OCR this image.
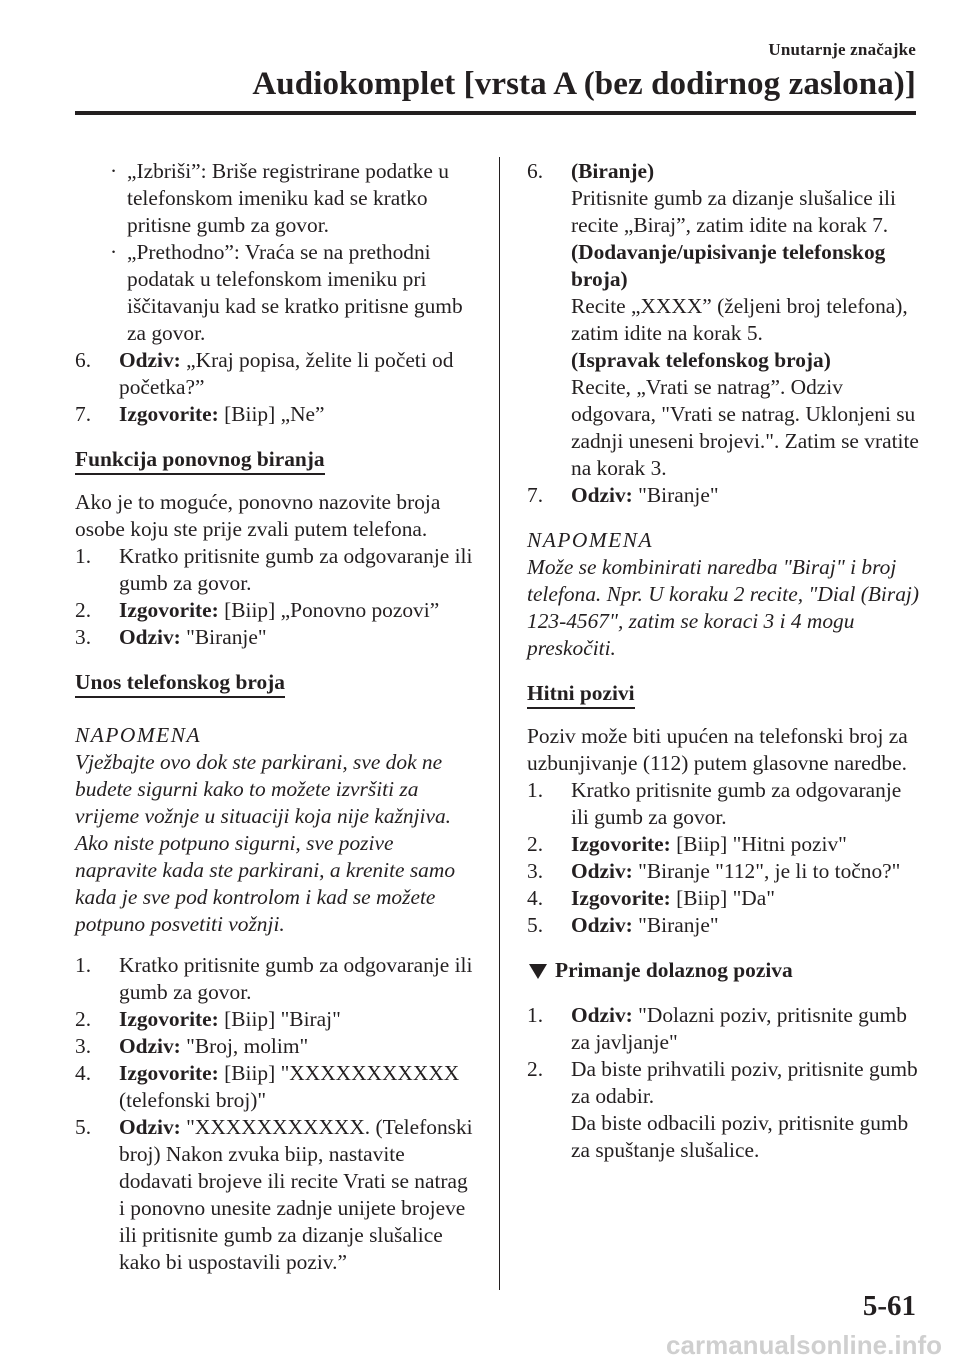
Unutarnje značajke
Audiokomplet [vrsta A (bez dodirnog zaslona)]

· „Izbriši”: Briše registrirane podatke u telefonskom imeniku kad se kratko pritisne gumb za govor.

· „Prethodno”: Vraća se na prethodni podatak u telefonskom imeniku pri iščitavanju kad se kratko pritisne gumb za govor.

6. Odziv: „Kraj popisa, želite li početi od početka?”

7. Izgovorite: [Biip] „Ne”

Funkcija ponovnog biranja

Ako je to moguće, ponovno nazovite broja osobe koju ste prije zvali putem telefona.

1. Kratko pritisnite gumb za odgovaranje ili gumb za govor.

2. Izgovorite: [Biip] „Ponovno pozovi”

3. Odziv: "Biranje"

Unos telefonskog broja

NAPOMENA

Vježbajte ovo dok ste parkirani, sve dok ne budete sigurni kako to možete izvršiti za vrijeme vožnje u situaciji koja nije kažnjiva. Ako niste potpuno sigurni, sve pozive napravite kada ste parkirani, a krenite samo kada je sve pod kontrolom i kad se možete potpuno posvetiti vožnji.

1. Kratko pritisnite gumb za odgovaranje ili gumb za govor.

2. Izgovorite: [Biip] "Biraj"

3. Odziv: "Broj, molim"

4. Izgovorite: [Biip] "XXXXXXXXXXX (telefonski broj)"

5. Odziv: "XXXXXXXXXXX. (Telefonski broj) Nakon zvuka biip, nastavite dodavati brojeve ili recite Vrati se natrag i ponovno unesite zadnje unijete brojeve ili pritisnite gumb za dizanje slušalice kako bi uspostavili poziv.”

6. (Biranje)

Pritisnite gumb za dizanje slušalice ili recite „Biraj”, zatim idite na korak 7.

(Dodavanje/upisivanje telefonskog broja)

Recite „XXXX” (željeni broj telefona), zatim idite na korak 5.

(Ispravak telefonskog broja)

Recite, „Vrati se natrag”. Odziv odgovara, "Vrati se natrag. Uklonjeni su zadnji uneseni brojevi.". Zatim se vratite na korak 3.

7. Odziv: "Biranje"

NAPOMENA

Može se kombinirati naredba "Biraj" i broj telefona. Npr. U koraku 2 recite, "Dial (Biraj) 123-4567", zatim se koraci 3 i 4 mogu preskočiti.

Hitni pozivi

Poziv može biti upućen na telefonski broj za uzbunjivanje (112) putem glasovne naredbe.

1. Kratko pritisnite gumb za odgovaranje ili gumb za govor.

2. Izgovorite: [Biip] "Hitni poziv"

3. Odziv: "Biranje "112", je li to točno?"

4. Izgovorite: [Biip] "Da"

5. Odziv: "Biranje"

Primanje dolaznog poziva

1. Odziv: "Dolazni poziv, pritisnite gumb za javljanje"

2. Da biste prihvatili poziv, pritisnite gumb za odabir.

Da biste odbacili poziv, pritisnite gumb za spuštanje slušalice.

5-61
carmanualsonline.info
